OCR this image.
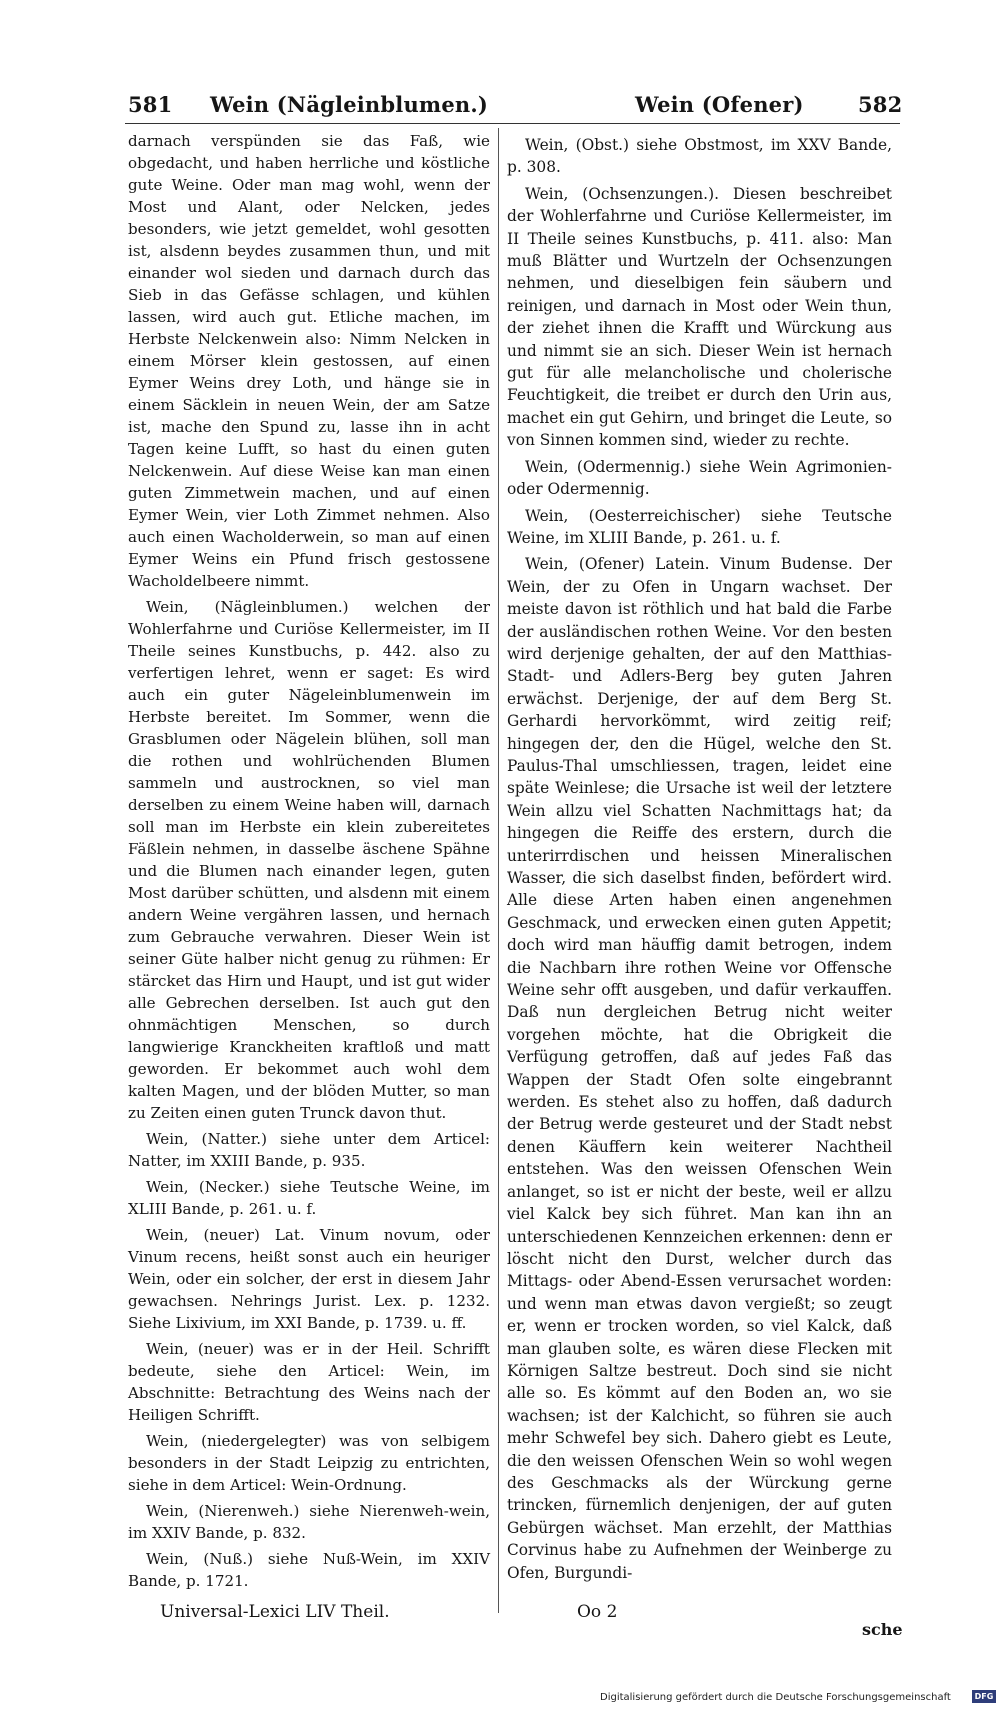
581 Wein (Nägleinblumen.)	Wein (Ofener)	582

darnach verspünden sie das Faß, wie obgedacht, und haben herrliche und köstliche gute Weine. Oder man mag wohl, wenn der Most und Alant, oder Nelcken, jedes besonders, wie jetzt gemeldet, wohl gesotten ist, alsdenn beydes zusammen thun, und mit einander wol sieden und darnach durch das Sieb in das Gefässe schlagen, und kühlen lassen, wird auch gut. Etliche machen, im Herbste Nelckenwein also: Nimm Nelcken in einem Mörser klein gestossen, auf einen Eymer Weins drey Loth, und hänge sie in einem Säcklein in neuen Wein, der am Satze ist, mache den Spund zu, lasse ihn in acht Tagen keine Lufft, so hast du einen guten Nelckenwein. Auf diese Weise kan man einen guten Zimmetwein machen, und auf einen Eymer Wein, vier Loth Zimmet nehmen. Also auch einen Wacholderwein, so man auf einen Eymer Weins ein Pfund frisch gestossene Wacholdelbeere nimmt.

Wein, (Nägleinblumen.) welchen der Wohlerfahrne und Curiöse Kellermeister, im II Theile seines Kunstbuchs, p. 442. also zu verfertigen lehret, wenn er saget: Es wird auch ein guter Nägeleinblumenwein im Herbste bereitet. Im Sommer, wenn die Grasblumen oder Nägelein blühen, soll man die rothen und wohlrüchenden Blumen sammeln und austrocknen, so viel man derselben zu einem Weine haben will, darnach soll man im Herbste ein klein zubereitetes Fäßlein nehmen, in dasselbe äschene Spähne und die Blumen nach einander legen, guten Most darüber schütten, und alsdenn mit einem andern Weine vergähren lassen, und hernach zum Gebrauche verwahren. Dieser Wein ist seiner Güte halber nicht genug zu rühmen: Er stärcket das Hirn und Haupt, und ist gut wider alle Gebrechen derselben. Ist auch gut den ohnmächtigen Menschen, so durch langwierige Kranckheiten kraftloß und matt geworden. Er bekommet auch wohl dem kalten Magen, und der blöden Mutter, so man zu Zeiten einen guten Trunck davon thut.

Wein, (Natter.) siehe unter dem Articel: Natter, im XXIII Bande, p. 935.

Wein, (Necker.) siehe Teutsche Weine, im XLIII Bande, p. 261. u. f.

Wein, (neuer) Lat. Vinum novum, oder Vinum recens, heißt sonst auch ein heuriger Wein, oder ein solcher, der erst in diesem Jahr gewachsen. Nehrings Jurist. Lex. p. 1232. Siehe Lixivium, im XXI Bande, p. 1739. u. ff.

Wein, (neuer) was er in der Heil. Schrifft bedeute, siehe den Articel: Wein, im Abschnitte: Betrachtung des Weins nach der Heiligen Schrifft.

Wein, (niedergelegter) was von selbigem besonders in der Stadt Leipzig zu entrichten, siehe in dem Articel: Wein-Ordnung.

Wein, (Nierenweh.) siehe Nierenweh-wein, im XXIV Bande, p. 832.

Wein, (Nuß.) siehe Nuß-Wein, im XXIV Bande, p. 1721.

Wein, (Obst.) siehe Obstmost, im XXV Bande, p. 308.

Wein, (Ochsenzungen.). Diesen beschreibet der Wohlerfahrne und Curiöse Kellermeister, im II Theile seines Kunstbuchs, p. 411. also: Man muß Blätter und Wurtzeln der Ochsenzungen nehmen, und dieselbigen fein säubern und reinigen, und darnach in Most oder Wein thun, der ziehet ihnen die Krafft und Würckung aus und nimmt sie an sich. Dieser Wein ist hernach gut für alle melancholische und cholerische Feuchtigkeit, die treibet er durch den Urin aus, machet ein gut Gehirn, und bringet die Leute, so von Sinnen kommen sind, wieder zu rechte.

Wein, (Odermennig.) siehe Wein Agrimonien- oder Odermennig.

Wein, (Oesterreichischer) siehe Teutsche Weine, im XLIII Bande, p. 261. u. f.

Wein, (Ofener) Latein. Vinum Budense. Der Wein, der zu Ofen in Ungarn wachset. Der meiste davon ist röthlich und hat bald die Farbe der ausländischen rothen Weine. Vor den besten wird derjenige gehalten, der auf den Matthias-Stadt- und Adlers-Berg bey guten Jahren erwächst. Derjenige, der auf dem Berg St. Gerhardi hervorkömmt, wird zeitig reif; hingegen der, den die Hügel, welche den St. Paulus-Thal umschliessen, tragen, leidet eine späte Weinlese; die Ursache ist weil der letztere Wein allzu viel Schatten Nachmittags hat; da hingegen die Reiffe des erstern, durch die unterirrdischen und heissen Mineralischen Wasser, die sich daselbst finden, befördert wird. Alle diese Arten haben einen angenehmen Geschmack, und erwecken einen guten Appetit; doch wird man häuffig damit betrogen, indem die Nachbarn ihre rothen Weine vor Offensche Weine sehr offt ausgeben, und dafür verkauffen. Daß nun dergleichen Betrug nicht weiter vorgehen möchte, hat die Obrigkeit die Verfügung getroffen, daß auf jedes Faß das Wappen der Stadt Ofen solte eingebrannt werden. Es stehet also zu hoffen, daß dadurch der Betrug werde gesteuret und der Stadt nebst denen Käuffern kein weiterer Nachtheil entstehen. Was den weissen Ofenschen Wein anlanget, so ist er nicht der beste, weil er allzu viel Kalck bey sich führet. Man kan ihn an unterschiedenen Kennzeichen erkennen: denn er löscht nicht den Durst, welcher durch das Mittags- oder Abend-Essen verursachet worden: und wenn man etwas davon vergießt; so zeugt er, wenn er trocken worden, so viel Kalck, daß man glauben solte, es wären diese Flecken mit Körnigen Saltze bestreut. Doch sind sie nicht alle so. Es kömmt auf den Boden an, wo sie wachsen; ist der Kalchicht, so führen sie auch mehr Schwefel bey sich. Dahero giebt es Leute, die den weissen Ofenschen Wein so wohl wegen des Geschmacks als der Würckung gerne trincken, fürnemlich denjenigen, der auf guten Gebürgen wächset. Man erzehlt, der Matthias Corvinus habe zu Aufnehmen der Weinberge zu Ofen, Burgundi-

Universal-Lexici LIV Theil.	Oo 2
sche
Digitalisierung gefördert durch die Deutsche Forschungsgemeinschaft	DFG
